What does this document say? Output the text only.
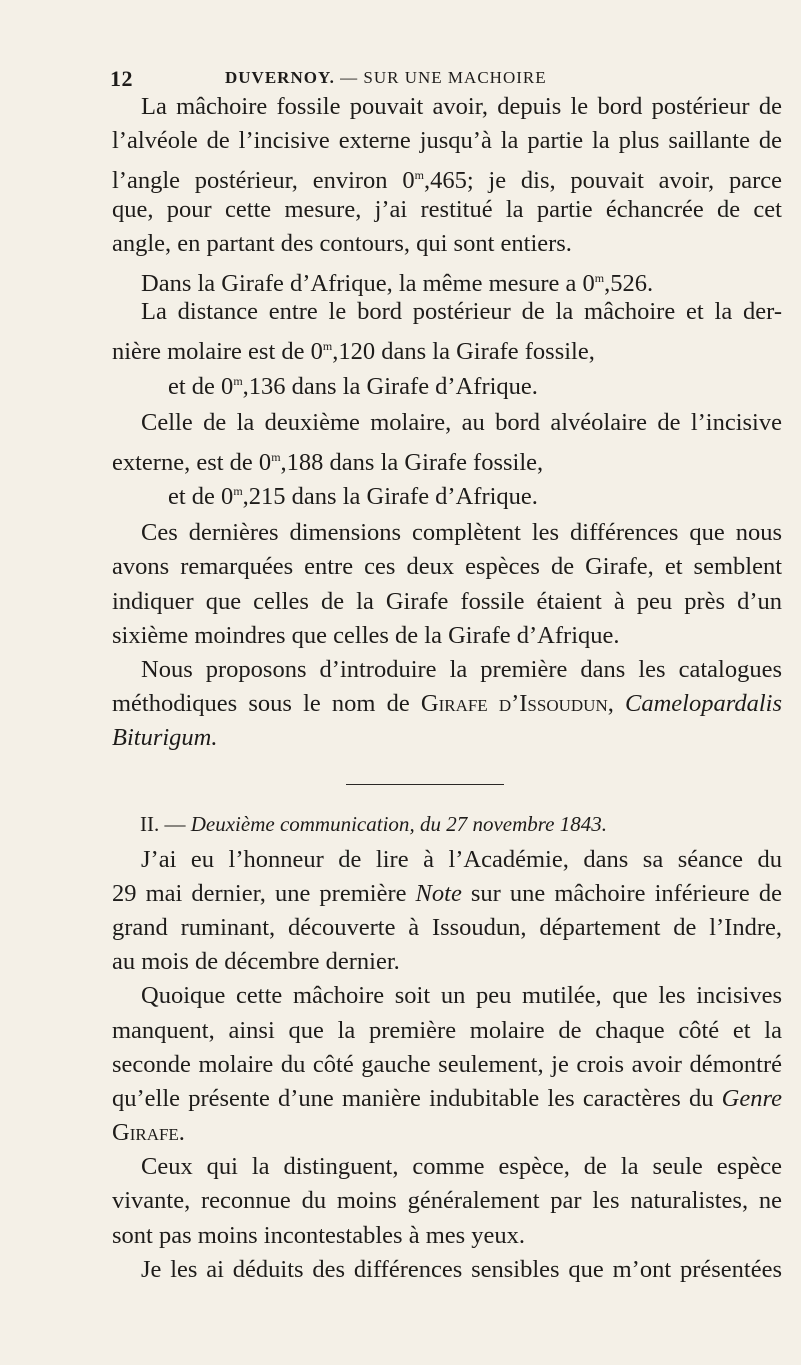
12	DUVERNOY. — SUR UNE MACHOIRE
La mâchoire fossile pouvait avoir, depuis le bord postérieur de
l’alvéole de l’incisive externe jusqu’à la partie la plus saillante de
l’angle postérieur, environ 0$^m$,465; je dis, pouvait avoir, parce
que, pour cette mesure, j’ai restitué la partie échancrée de cet
angle, en partant des contours, qui sont entiers.
Dans la Girafe d’Afrique, la même mesure a 0$^m$,526.
La distance entre le bord postérieur de la mâchoire et la der-
nière molaire est de 0$^m$,120 dans la Girafe fossile,
et de 0$^m$,136 dans la Girafe d’Afrique.
Celle de la deuxième molaire, au bord alvéolaire de l’incisive
externe, est de 0$^m$,188 dans la Girafe fossile,
et de 0$^m$,215 dans la Girafe d’Afrique.
Ces dernières dimensions complètent les différences que nous
avons remarquées entre ces deux espèces de Girafe, et semblent
indiquer que celles de la Girafe fossile étaient à peu près d’un
sixième moindres que celles de la Girafe d’Afrique.
Nous proposons d’introduire la première dans les catalogues
méthodiques sous le nom de Girafe d’Issoudun, Camelopardalis
Biturigum.
II. — Deuxième communication, du 27 novembre 1843.
J’ai eu l’honneur de lire à l’Académie, dans sa séance du
29 mai dernier, une première Note sur une mâchoire inférieure de
grand ruminant, découverte à Issoudun, département de l’Indre,
au mois de décembre dernier.
Quoique cette mâchoire soit un peu mutilée, que les incisives
manquent, ainsi que la première molaire de chaque côté et la
seconde molaire du côté gauche seulement, je crois avoir démontré
qu’elle présente d’une manière indubitable les caractères du Genre
Girafe.
Ceux qui la distinguent, comme espèce, de la seule espèce
vivante, reconnue du moins généralement par les naturalistes, ne
sont pas moins incontestables à mes yeux.
Je les ai déduits des différences sensibles que m’ont présentées
